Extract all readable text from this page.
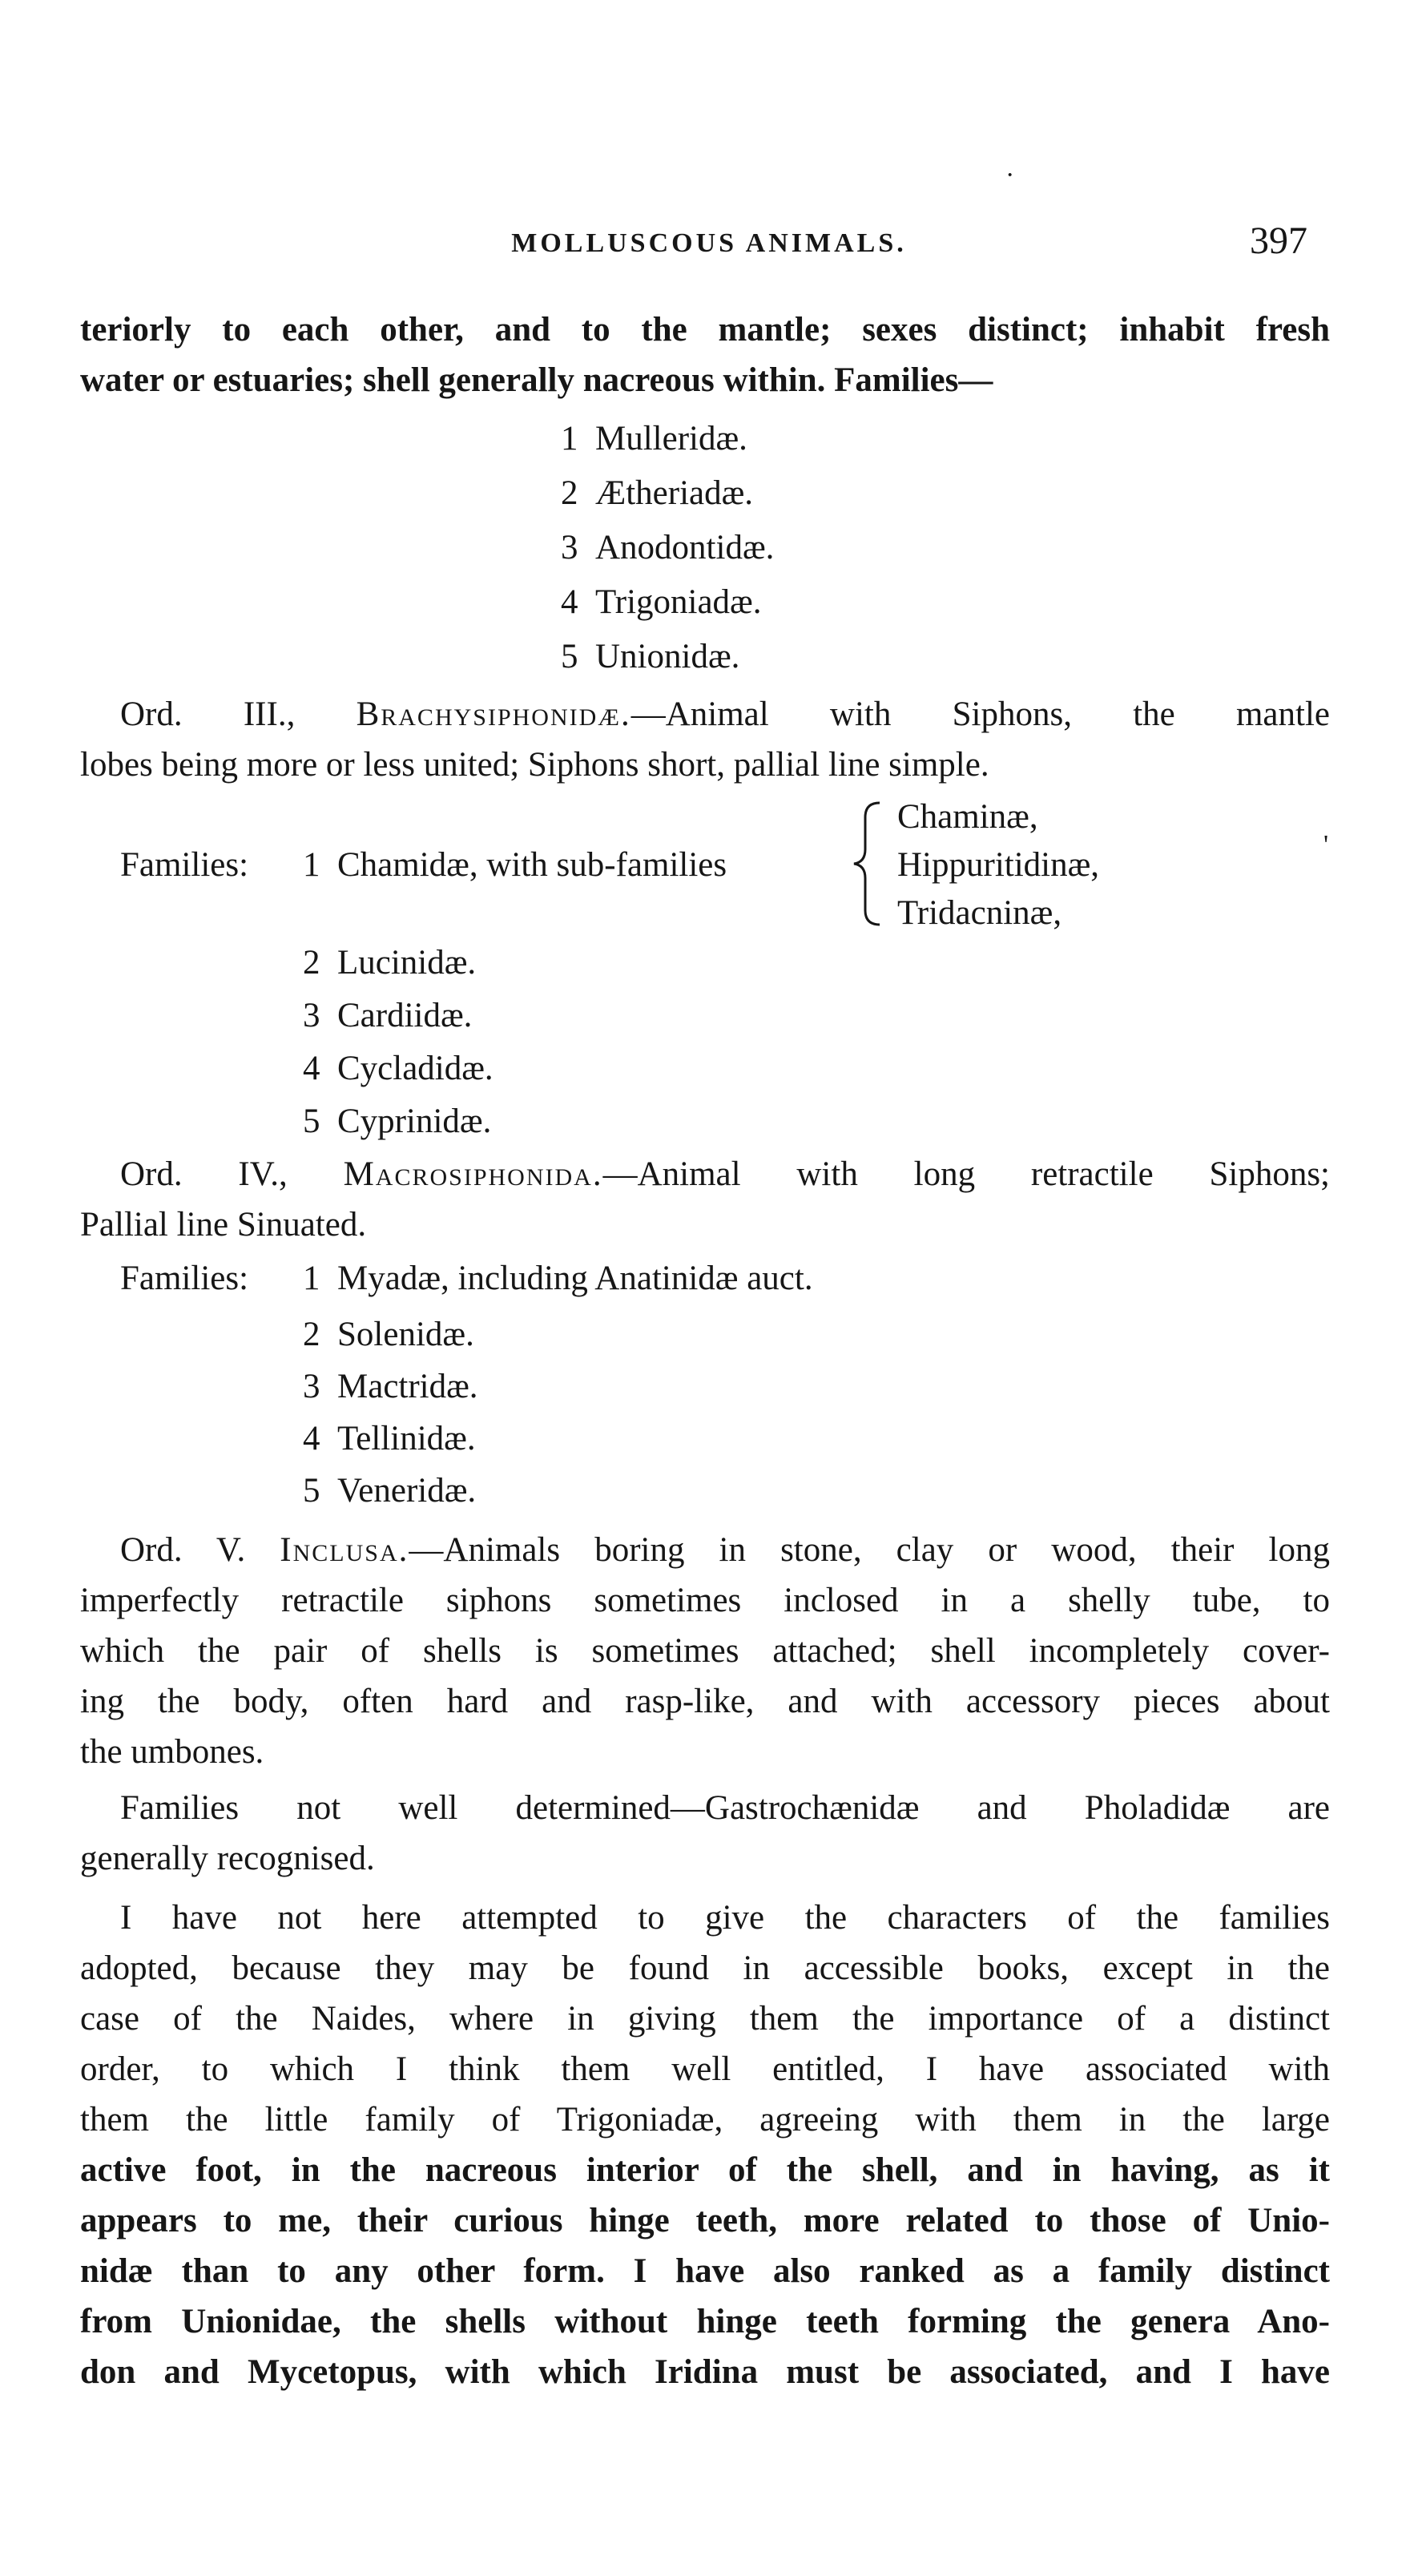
MOLLUSCOUS ANIMALS.	397
teriorly to each other, and to the mantle; sexes distinct; inhabit fresh
water or estuaries; shell generally nacreous within. Families—
1 Mulleridæ.
2 Ætheriadæ.
3 Anodontidæ.
4 Trigoniadæ.
5 Unionidæ.
Ord. III., Brachysiphonidæ.—Animal with Siphons, the mantle
lobes being more or less united; Siphons short, pallial line simple.
Families: 1 Chamidæ, with sub-families
Chaminæ,
Hippuritidinæ,
Tridacninæ,
2 Lucinidæ.
3 Cardiidæ.
4 Cycladidæ.
5 Cyprinidæ.
Ord. IV., Macrosiphonida.—Animal with long retractile Siphons;
Pallial line Sinuated.
Families: 1 Myadæ, including Anatinidæ auct.
2 Solenidæ.
3 Mactridæ.
4 Tellinidæ.
5 Veneridæ.
Ord. V. Inclusa.—Animals boring in stone, clay or wood, their long
imperfectly retractile siphons sometimes inclosed in a shelly tube, to
which the pair of shells is sometimes attached; shell incompletely cover-
ing the body, often hard and rasp-like, and with accessory pieces about
the umbones.
Families not well determined—Gastrochænidæ and Pholadidæ are
generally recognised.
I have not here attempted to give the characters of the families
adopted, because they may be found in accessible books, except in the
case of the Naides, where in giving them the importance of a distinct
order, to which I think them well entitled, I have associated with
them the little family of Trigoniadæ, agreeing with them in the large
active foot, in the nacreous interior of the shell, and in having, as it
appears to me, their curious hinge teeth, more related to those of Unio-
nidæ than to any other form. I have also ranked as a family distinct
from Unionidae, the shells without hinge teeth forming the genera Ano-
don and Mycetopus, with which Iridina must be associated, and I have
·
'
